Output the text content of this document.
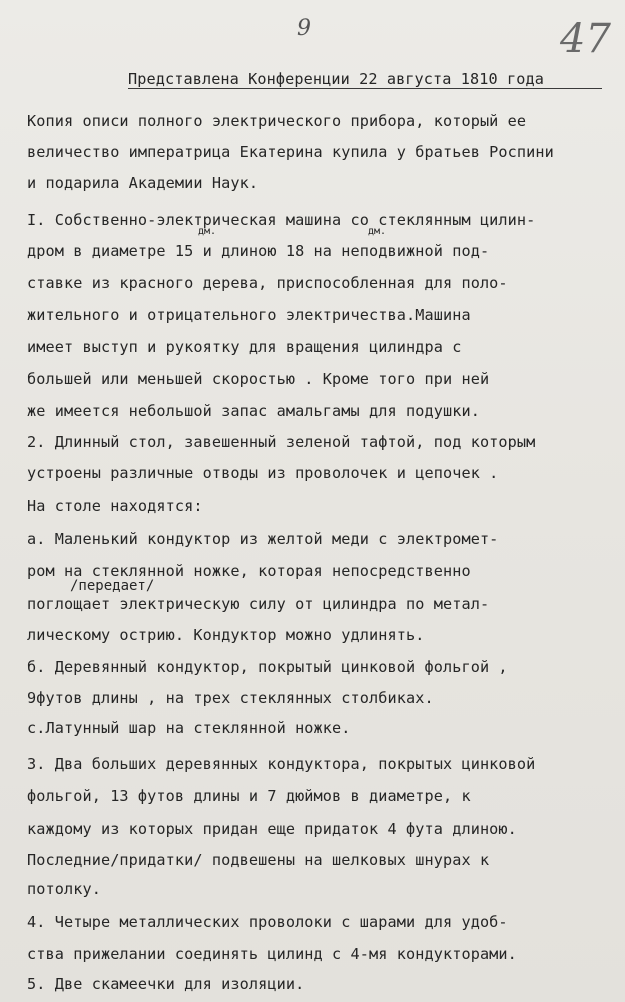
9	47
Представлена Конференции 22 августа 1810 года
Копия описи полного электрического прибора, который ее
величество императрица Екатерина купила у братьев Роспини
и подарила Академии Наук.
I. Собственно-электрическая машина со стеклянным цилин-
дм.	дм.
дром в диаметре 15 и длиною 18 на неподвижной под-
ставке из красного дерева, приспособленная для поло-
жительного и отрицательного электричества.Машина
имеет выступ и рукоятку для вращения цилиндра с
большей или меньшей скоростью . Кроме того при ней
же имеется небольшой запас амальгамы для подушки.
2. Длинный стол, завешенный зеленой тафтой, под которым
устроены различные отводы из проволочек и цепочек .
На столе находятся:
а. Маленький кондуктор из желтой меди с электромет-
ром на стеклянной ножке, которая непосредственно
/передает/
поглощает электрическую силу от цилиндра по метал-
лическому острию. Кондуктор можно удлинять.
б. Деревянный кондуктор, покрытый цинковой фольгой ,
9футов длины , на трех стеклянных столбиках.
с.Латунный шар на стеклянной ножке.
3. Два больших деревянных кондуктора, покрытых цинковой
фольгой, 13 футов длины и 7 дюймов в диаметре, к
каждому из которых придан еще придаток 4 фута длиною.
Последние/придатки/ подвешены на шелковых шнурах к
потолку.
4. Четыре металлических проволоки с шарами для удоб-
ства прижелании соединять цилинд с 4-мя кондукторами.
5. Две скамеечки для изоляции.
